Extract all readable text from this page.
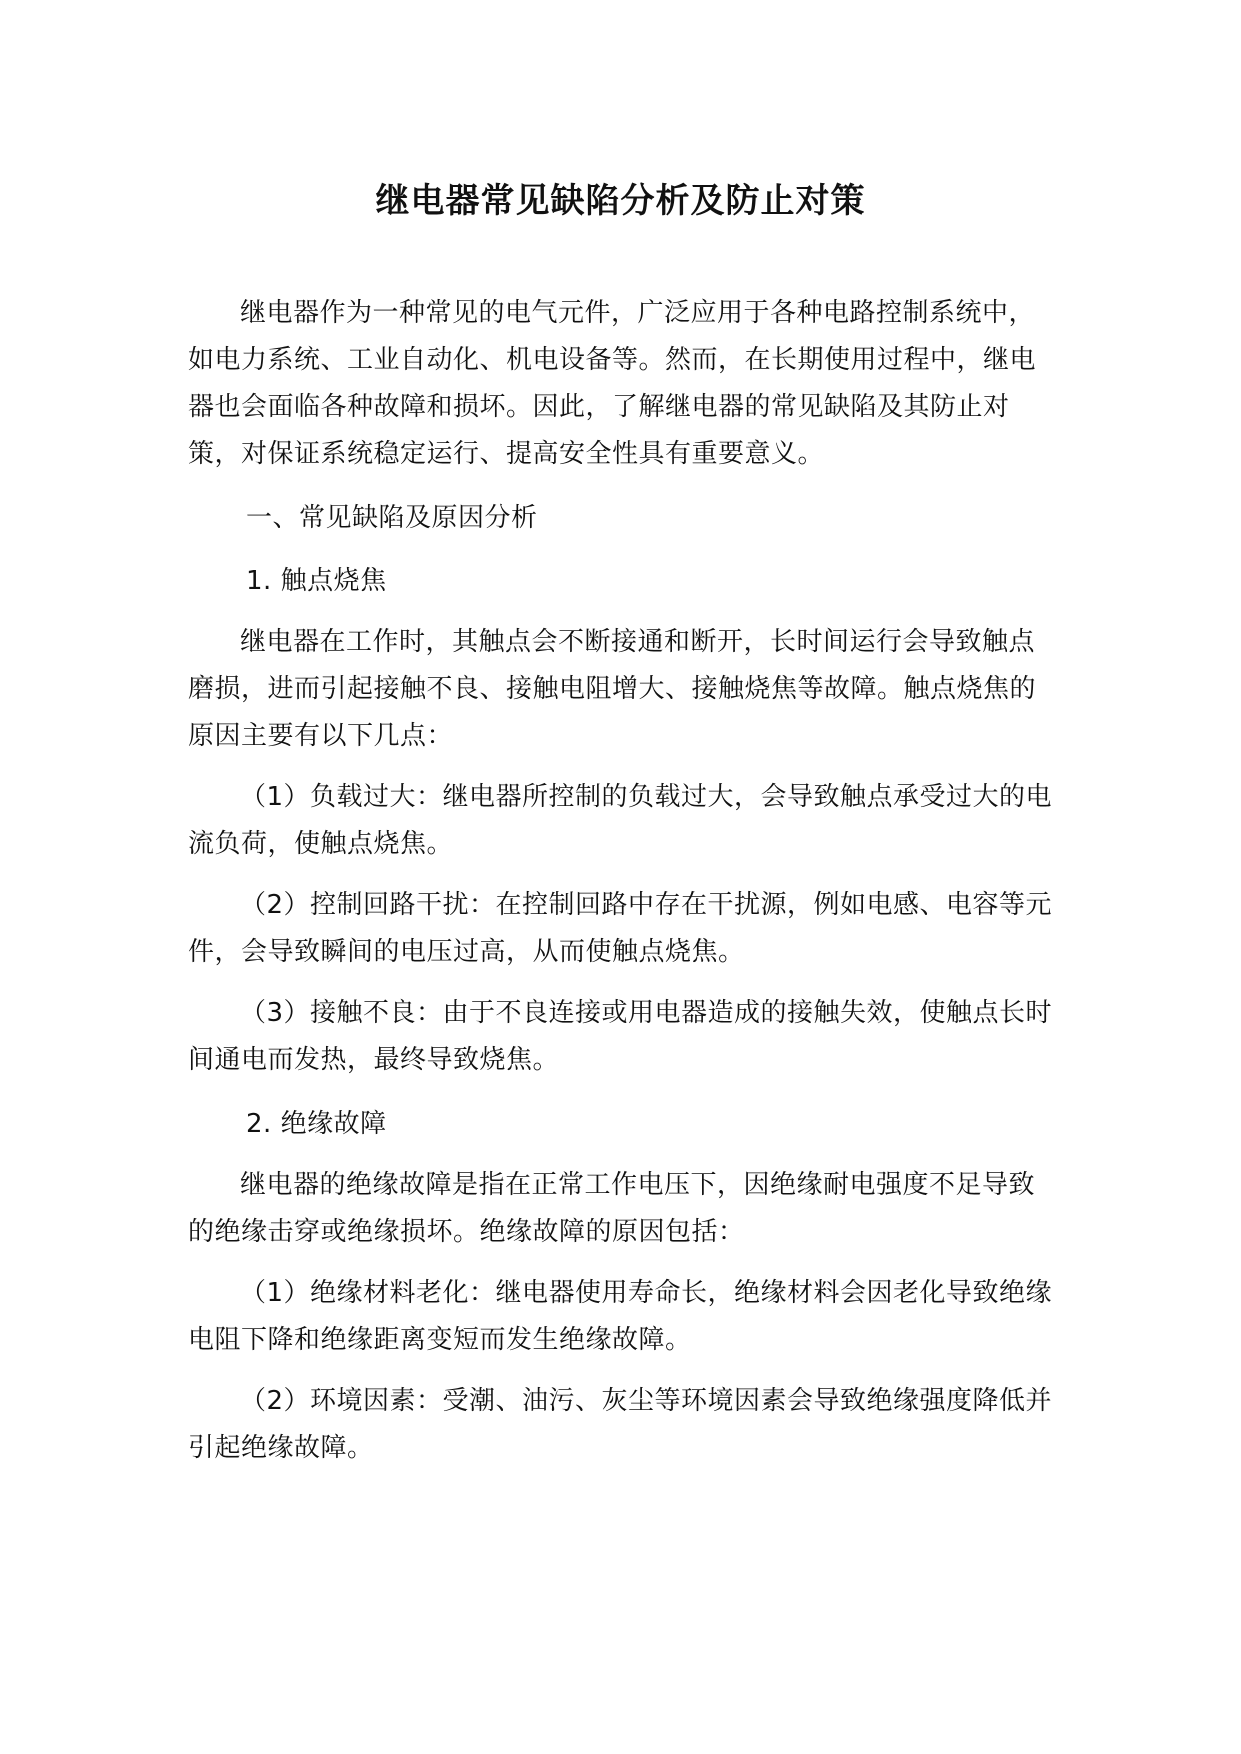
继电器常见缺陷分析及防止对策

继电器作为一种常见的电气元件，广泛应用于各种电路控制系统中，如电力系统、工业自动化、机电设备等。然而，在长期使用过程中，继电器也会面临各种故障和损坏。因此，了解继电器的常见缺陷及其防止对策，对保证系统稳定运行、提高安全性具有重要意义。

一、常见缺陷及原因分析

1. 触点烧焦

继电器在工作时，其触点会不断接通和断开，长时间运行会导致触点磨损，进而引起接触不良、接触电阻增大、接触烧焦等故障。触点烧焦的原因主要有以下几点：

（1）负载过大：继电器所控制的负载过大，会导致触点承受过大的电流负荷，使触点烧焦。

（2）控制回路干扰：在控制回路中存在干扰源，例如电感、电容等元件，会导致瞬间的电压过高，从而使触点烧焦。

（3）接触不良：由于不良连接或用电器造成的接触失效，使触点长时间通电而发热，最终导致烧焦。

2. 绝缘故障

继电器的绝缘故障是指在正常工作电压下，因绝缘耐电强度不足导致的绝缘击穿或绝缘损坏。绝缘故障的原因包括：

（1）绝缘材料老化：继电器使用寿命长，绝缘材料会因老化导致绝缘电阻下降和绝缘距离变短而发生绝缘故障。

（2）环境因素：受潮、油污、灰尘等环境因素会导致绝缘强度降低并引起绝缘故障。
